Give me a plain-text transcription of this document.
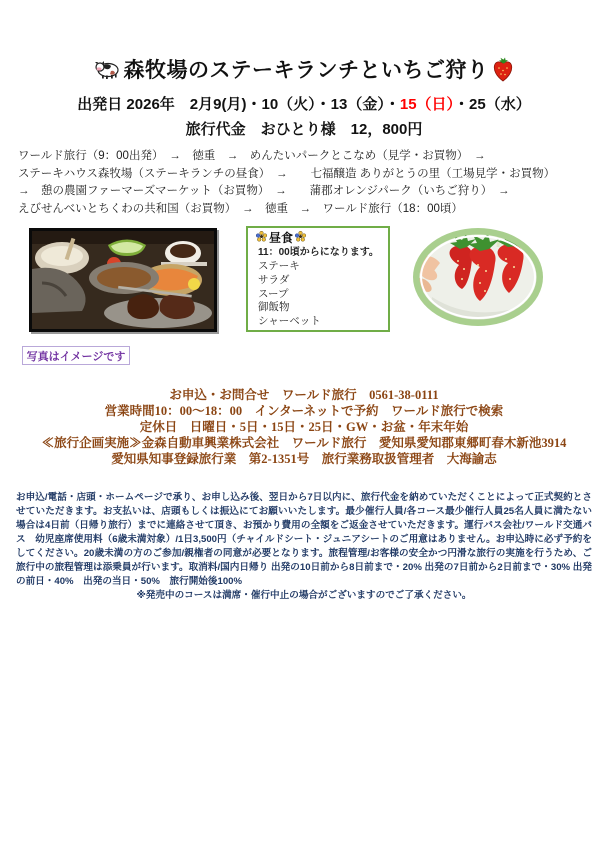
森牧場のステーキランチといちご狩り
出発日 2026年　2月9(月)・10（火）・13（金）・15（日）・25（水）
旅行代金　おひとり様　12，800円
ワールド旅行（9：00出発）　→　徳重　→　めんたいパークとこなめ（見学・お買物）　→
ステーキハウス森牧場（ステーキランチの昼食）　→　　七福醸造 ありがとうの里（工場見学・お買物）
→　憩の農園ファーマーズマーケット（お買物）　→　　蒲郡オレンジパーク（いちご狩り）　→
えびせんべいとちくわの共和国（お買物）　→　徳重　→　ワールド旅行（18：00頃）
昼食
11：00頃からになります。
ステーキ
サラダ
スープ
御飯物
シャーベット
写真はイメージです
お申込・お問合せ　ワールド旅行　0561-38-0111
営業時間10：00～18：00　インターネットで予約　ワールド旅行で検索
定休日　日曜日・5日・15日・25日・GW・お盆・年末年始
≪旅行企画実施≫金森自動車興業株式会社　ワールド旅行　愛知県愛知郡東郷町春木新池3914
愛知県知事登録旅行業　第2-1351号　旅行業務取扱管理者　大海諭志
お申込/電話・店頭・ホームページで承り、お申し込み後、翌日から7日以内に、旅行代金を納めていただくことによって正式契約とさせていただきます。お支払いは、店頭もしくは振込にてお願いいたします。最少催行人員/各コース最少催行人員25名人員に満たない場合は4日前（日帰り旅行）までに連絡させて頂き、お預かり費用の全額をご返金させていただきます。運行バス会社/ワールド交通バス　幼児座席使用料（6歳未満対象）/1日3,500円（チャイルドシート・ジュニアシートのご用意はありません。お申込時に必ず予約をしてください。20歳未満の方のご参加/親権者の同意が必要となります。旅程管理/お客様の安全かつ円滑な旅行の実施を行うため、ご旅行中の旅程管理は添乗員が行います。取消料/国内日帰り 出発の10日前から8日前まで・20% 出発の7日前から2日前まで・30% 出発の前日・40%　出発の当日・50%　旅行開始後100%
※発売中のコースは満席・催行中止の場合がございますのでご了承ください。
